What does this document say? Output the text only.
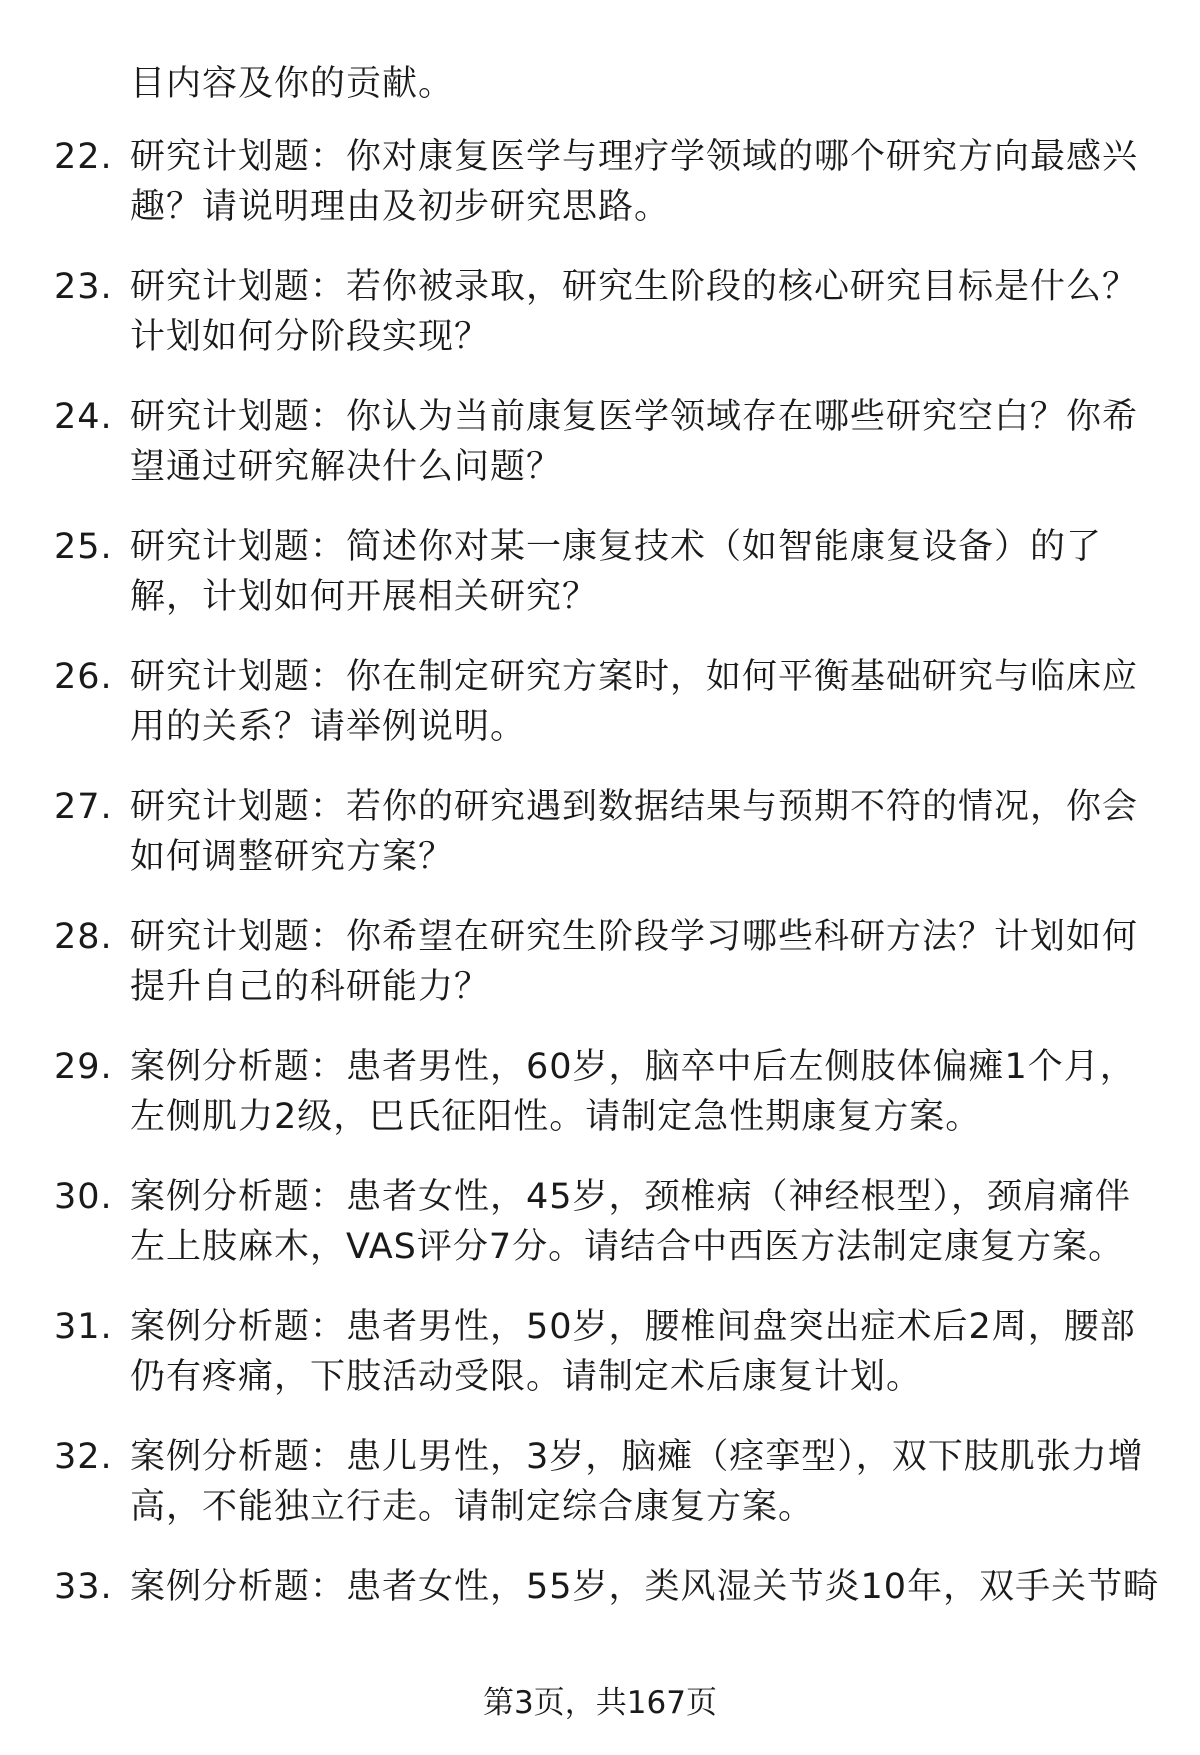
目内容及你的贡献。
22. 研究计划题：你对康复医学与理疗学领域的哪个研究方向最感兴
趣？请说明理由及初步研究思路。
23. 研究计划题：若你被录取，研究生阶段的核心研究目标是什么？
计划如何分阶段实现？
24. 研究计划题：你认为当前康复医学领域存在哪些研究空白？你希
望通过研究解决什么问题？
25. 研究计划题：简述你对某一康复技术（如智能康复设备）的了
解，计划如何开展相关研究？
26. 研究计划题：你在制定研究方案时，如何平衡基础研究与临床应
用的关系？请举例说明。
27. 研究计划题：若你的研究遇到数据结果与预期不符的情况，你会
如何调整研究方案？
28. 研究计划题：你希望在研究生阶段学习哪些科研方法？计划如何
提升自己的科研能力？
29. 案例分析题：患者男性，60岁，脑卒中后左侧肢体偏瘫1个月，
左侧肌力2级，巴氏征阳性。请制定急性期康复方案。
30. 案例分析题：患者女性，45岁，颈椎病（神经根型），颈肩痛伴
左上肢麻木，VAS评分7分。请结合中西医方法制定康复方案。
31. 案例分析题：患者男性，50岁，腰椎间盘突出症术后2周，腰部
仍有疼痛，下肢活动受限。请制定术后康复计划。
32. 案例分析题：患儿男性，3岁，脑瘫（痉挛型），双下肢肌张力增
高，不能独立行走。请制定综合康复方案。
33. 案例分析题：患者女性，55岁，类风湿关节炎10年，双手关节畸
第3页，共167页
